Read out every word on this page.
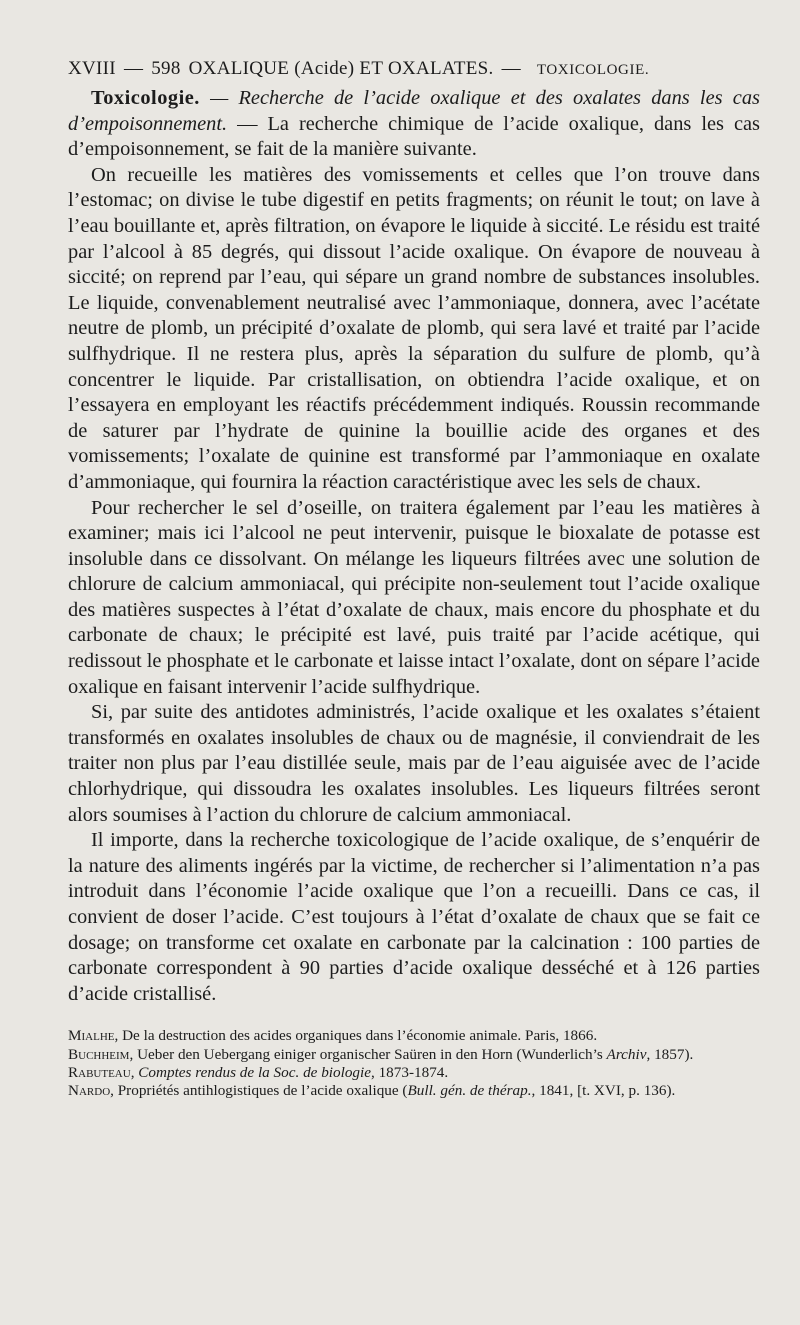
XVIII — 598 OXALIQUE (Acide) ET OXALATES. — TOXICOLOGIE.

Toxicologie. — Recherche de l’acide oxalique et des oxalates dans les cas d’empoisonnement. — La recherche chimique de l’acide oxalique, dans les cas d’empoisonnement, se fait de la manière suivante.

On recueille les matières des vomissements et celles que l’on trouve dans l’estomac; on divise le tube digestif en petits fragments; on réunit le tout; on lave à l’eau bouillante et, après filtration, on évapore le liquide à siccité. Le résidu est traité par l’alcool à 85 degrés, qui dissout l’acide oxalique. On évapore de nouveau à siccité; on reprend par l’eau, qui sépare un grand nombre de substances insolubles. Le liquide, convenablement neutralisé avec l’ammoniaque, donnera, avec l’acétate neutre de plomb, un précipité d’oxalate de plomb, qui sera lavé et traité par l’acide sulfhydrique. Il ne restera plus, après la séparation du sulfure de plomb, qu’à concentrer le liquide. Par cristallisation, on obtiendra l’acide oxalique, et on l’essayera en employant les réactifs précédemment indiqués. Roussin recommande de saturer par l’hydrate de quinine la bouillie acide des organes et des vomissements; l’oxalate de quinine est transformé par l’ammoniaque en oxalate d’ammoniaque, qui fournira la réaction caractéristique avec les sels de chaux.

Pour rechercher le sel d’oseille, on traitera également par l’eau les matières à examiner; mais ici l’alcool ne peut intervenir, puisque le bioxalate de potasse est insoluble dans ce dissolvant. On mélange les liqueurs filtrées avec une solution de chlorure de calcium ammoniacal, qui précipite non-seulement tout l’acide oxalique des matières suspectes à l’état d’oxalate de chaux, mais encore du phosphate et du carbonate de chaux; le précipité est lavé, puis traité par l’acide acétique, qui redissout le phosphate et le carbonate et laisse intact l’oxalate, dont on sépare l’acide oxalique en faisant intervenir l’acide sulfhydrique.

Si, par suite des antidotes administrés, l’acide oxalique et les oxalates s’étaient transformés en oxalates insolubles de chaux ou de magnésie, il conviendrait de les traiter non plus par l’eau distillée seule, mais par de l’eau aiguisée avec de l’acide chlorhydrique, qui dissoudra les oxalates insolubles. Les liqueurs filtrées seront alors soumises à l’action du chlorure de calcium ammoniacal.

Il importe, dans la recherche toxicologique de l’acide oxalique, de s’enquérir de la nature des aliments ingérés par la victime, de rechercher si l’alimentation n’a pas introduit dans l’économie l’acide oxalique que l’on a recueilli. Dans ce cas, il convient de doser l’acide. C’est toujours à l’état d’oxalate de chaux que se fait ce dosage; on transforme cet oxalate en carbonate par la calcination : 100 parties de carbonate correspondent à 90 parties d’acide oxalique desséché et à 126 parties d’acide cristallisé.

Mialhe, De la destruction des acides organiques dans l’économie animale. Paris, 1866.

Buchheim, Ueber den Uebergang einiger organischer Saüren in den Horn (Wunderlich’s Archiv, 1857).

Rabuteau, Comptes rendus de la Soc. de biologie, 1873-1874.

Nardo, Propriétés antihlogistiques de l’acide oxalique (Bull. gén. de thérap., 1841, [t. XVI, p. 136).
